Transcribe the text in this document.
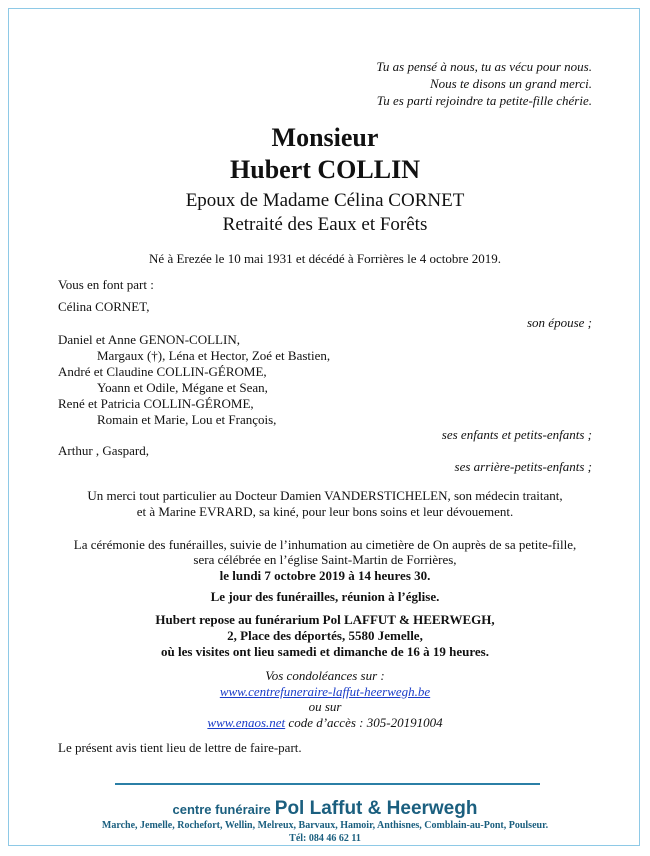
Tu as pensé à nous, tu as vécu pour nous.
Nous te disons un grand merci.
Tu es parti rejoindre ta petite-fille chérie.
Monsieur
Hubert COLLIN
Epoux de Madame Célina CORNET
Retraité des Eaux et Forêts
Né à Erezée le 10 mai 1931 et décédé à Forrières le 4 octobre 2019.
Vous en font part :
Célina CORNET,
son épouse ;
Daniel et Anne GENON-COLLIN,
Margaux (†), Léna et Hector, Zoé et Bastien,
André et Claudine COLLIN-GÉROME,
Yoann et Odile, Mégane et Sean,
René et Patricia COLLIN-GÉROME,
Romain et Marie, Lou et François,
ses enfants et petits-enfants ;
Arthur , Gaspard,
ses arrière-petits-enfants ;
Un merci tout particulier au Docteur Damien VANDERSTICHELEN, son médecin traitant,
et à Marine EVRARD, sa kiné, pour leur bons soins et leur dévouement.
La cérémonie des funérailles, suivie de l’inhumation au cimetière de On auprès de sa petite-fille,
sera célébrée en l’église Saint-Martin de Forrières,
le lundi 7 octobre 2019 à 14 heures 30.
Le jour des funérailles, réunion à l’église.
Hubert repose au funérarium Pol LAFFUT & HEERWEGH,
2, Place des déportés, 5580 Jemelle,
où les visites ont lieu samedi et dimanche de 16 à 19 heures.
Vos condoléances sur :
www.centrefuneraire-laffut-heerwegh.be
ou sur
www.enaos.net code d’accès : 305-20191004
Le présent avis tient lieu de lettre de faire-part.
centre funéraire Pol Laffut & Heerwegh
Marche, Jemelle, Rochefort, Wellin, Melreux, Barvaux, Hamoir, Anthisnes, Comblain-au-Pont, Poulseur.
Tél: 084 46 62 11
